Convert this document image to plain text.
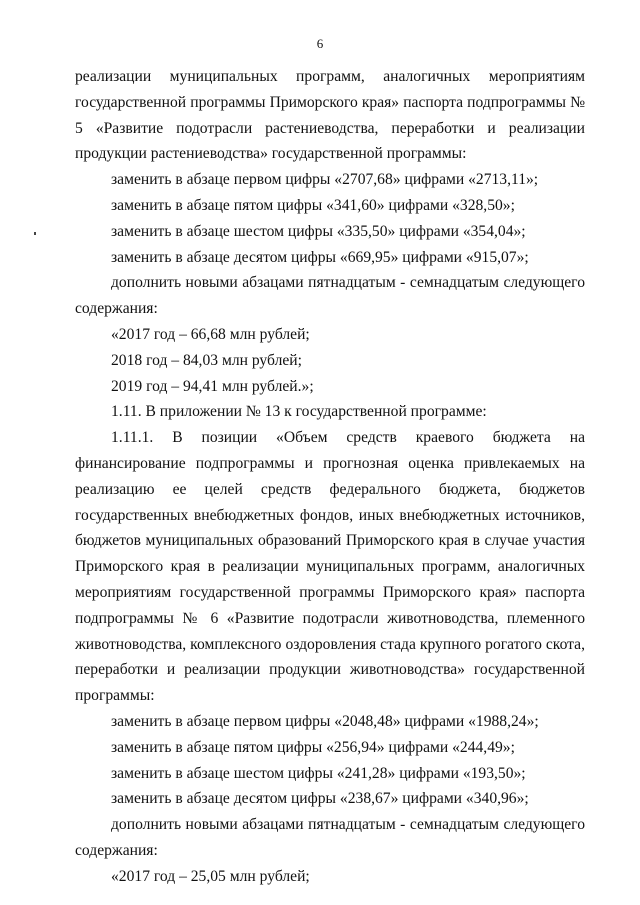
6

реализации муниципальных программ, аналогичных мероприятиям государственной программы Приморского края» паспорта подпрограммы № 5 «Развитие подотрасли растениеводства, переработки и реализации продукции растениеводства» государственной программы:

заменить в абзаце первом цифры «2707,68» цифрами «2713,11»;

заменить в абзаце пятом цифры «341,60» цифрами «328,50»;

заменить в абзаце шестом цифры «335,50» цифрами «354,04»;

заменить в абзаце десятом цифры «669,95» цифрами «915,07»;

дополнить новыми абзацами пятнадцатым - семнадцатым следующего содержания:

«2017 год – 66,68 млн рублей;

2018 год – 84,03 млн рублей;

2019 год – 94,41 млн рублей.»;

1.11. В приложении № 13 к государственной программе:

1.11.1. В позиции «Объем средств краевого бюджета на финансирование подпрограммы и прогнозная оценка привлекаемых на реализацию ее целей средств федерального бюджета, бюджетов государственных внебюджетных фондов, иных внебюджетных источников, бюджетов муниципальных образований Приморского края в случае участия Приморского края в реализации муниципальных программ, аналогичных мероприятиям государственной программы Приморского края» паспорта подпрограммы № 6 «Развитие подотрасли животноводства, племенного животноводства, комплексного оздоровления стада крупного рогатого скота, переработки и реализации продукции животноводства» государственной программы:

заменить в абзаце первом цифры «2048,48» цифрами «1988,24»;

заменить в абзаце пятом цифры «256,94» цифрами «244,49»;

заменить в абзаце шестом цифры «241,28» цифрами «193,50»;

заменить в абзаце десятом цифры «238,67» цифрами «340,96»;

дополнить новыми абзацами пятнадцатым - семнадцатым следующего содержания:

«2017 год – 25,05 млн рублей;
